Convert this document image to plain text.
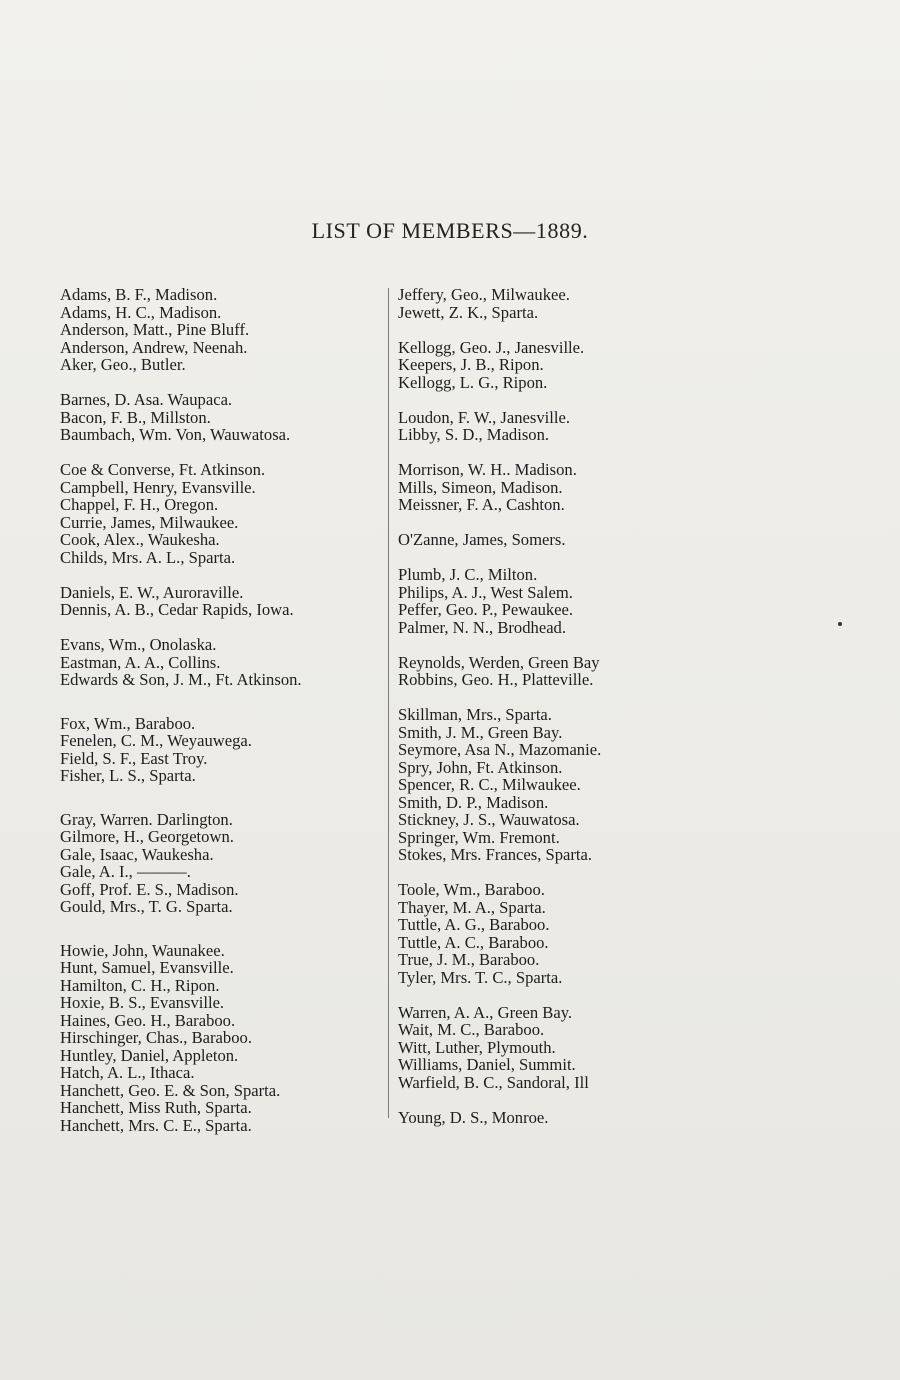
LIST OF MEMBERS—1889.
Adams, B. F., Madison.
Adams, H. C., Madison.
Anderson, Matt., Pine Bluff.
Anderson, Andrew, Neenah.
Aker, Geo., Butler.
Barnes, D. Asa. Waupaca.
Bacon, F. B., Millston.
Baumbach, Wm. Von, Wauwatosa.
Coe & Converse, Ft. Atkinson.
Campbell, Henry, Evansville.
Chappel, F. H., Oregon.
Currie, James, Milwaukee.
Cook, Alex., Waukesha.
Childs, Mrs. A. L., Sparta.
Daniels, E. W., Auroraville.
Dennis, A. B., Cedar Rapids, Iowa.
Evans, Wm., Onolaska.
Eastman, A. A., Collins.
Edwards & Son, J. M., Ft. Atkinson.
Fox, Wm., Baraboo.
Fenelen, C. M., Weyauwega.
Field, S. F., East Troy.
Fisher, L. S., Sparta.
Gray, Warren. Darlington.
Gilmore, H., Georgetown.
Gale, Isaac, Waukesha.
Gale, A. I., ———.
Goff, Prof. E. S., Madison.
Gould, Mrs., T. G. Sparta.
Howie, John, Waunakee.
Hunt, Samuel, Evansville.
Hamilton, C. H., Ripon.
Hoxie, B. S., Evansville.
Haines, Geo. H., Baraboo.
Hirschinger, Chas., Baraboo.
Huntley, Daniel, Appleton.
Hatch, A. L., Ithaca.
Hanchett, Geo. E. & Son, Sparta.
Hanchett, Miss Ruth, Sparta.
Hanchett, Mrs. C. E., Sparta.
Jeffery, Geo., Milwaukee.
Jewett, Z. K., Sparta.
Kellogg, Geo. J., Janesville.
Keepers, J. B., Ripon.
Kellogg, L. G., Ripon.
Loudon, F. W., Janesville.
Libby, S. D., Madison.
Morrison, W. H.. Madison.
Mills, Simeon, Madison.
Meissner, F. A., Cashton.
O'Zanne, James, Somers.
Plumb, J. C., Milton.
Philips, A. J., West Salem.
Peffer, Geo. P., Pewaukee.
Palmer, N. N., Brodhead.
Reynolds, Werden, Green Bay
Robbins, Geo. H., Platteville.
Skillman, Mrs., Sparta.
Smith, J. M., Green Bay.
Seymore, Asa N., Mazomanie.
Spry, John, Ft. Atkinson.
Spencer, R. C., Milwaukee.
Smith, D. P., Madison.
Stickney, J. S., Wauwatosa.
Springer, Wm. Fremont.
Stokes, Mrs. Frances, Sparta.
Toole, Wm., Baraboo.
Thayer, M. A., Sparta.
Tuttle, A. G., Baraboo.
Tuttle, A. C., Baraboo.
True, J. M., Baraboo.
Tyler, Mrs. T. C., Sparta.
Warren, A. A., Green Bay.
Wait, M. C., Baraboo.
Witt, Luther, Plymouth.
Williams, Daniel, Summit.
Warfield, B. C., Sandoral, Ill
Young, D. S., Monroe.
